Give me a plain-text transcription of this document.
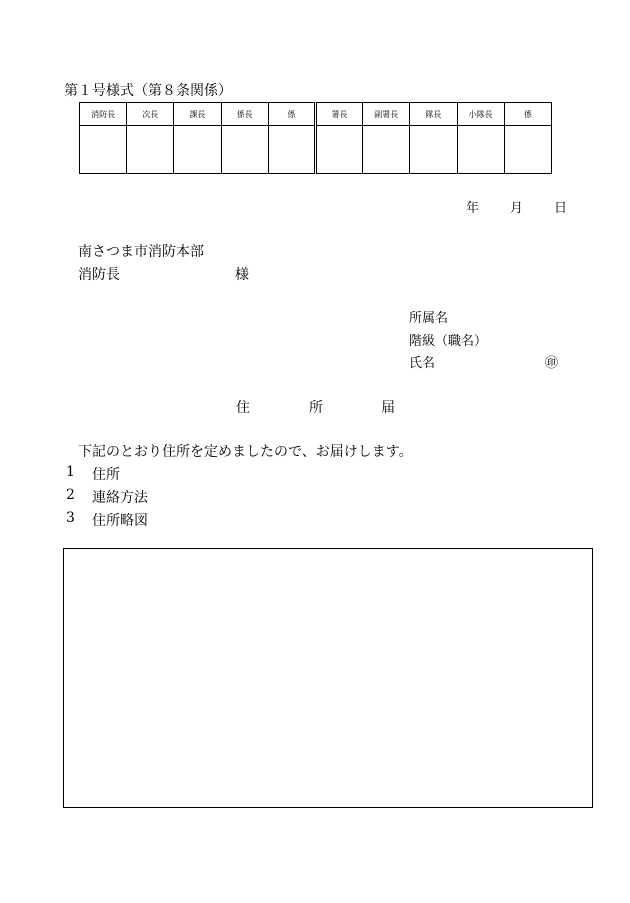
第１号様式（第８条関係）
消防長	次長	課長	係長	係	署長	副署長	隊長	小隊長	係

年 月 日
南さつま市消防本部
消防長	様
所属名
階級（職名）
氏名	㊞
住	所	届
下記のとおり住所を定めましたので、お届けします。
1 住所
2 連絡方法
3 住所略図
